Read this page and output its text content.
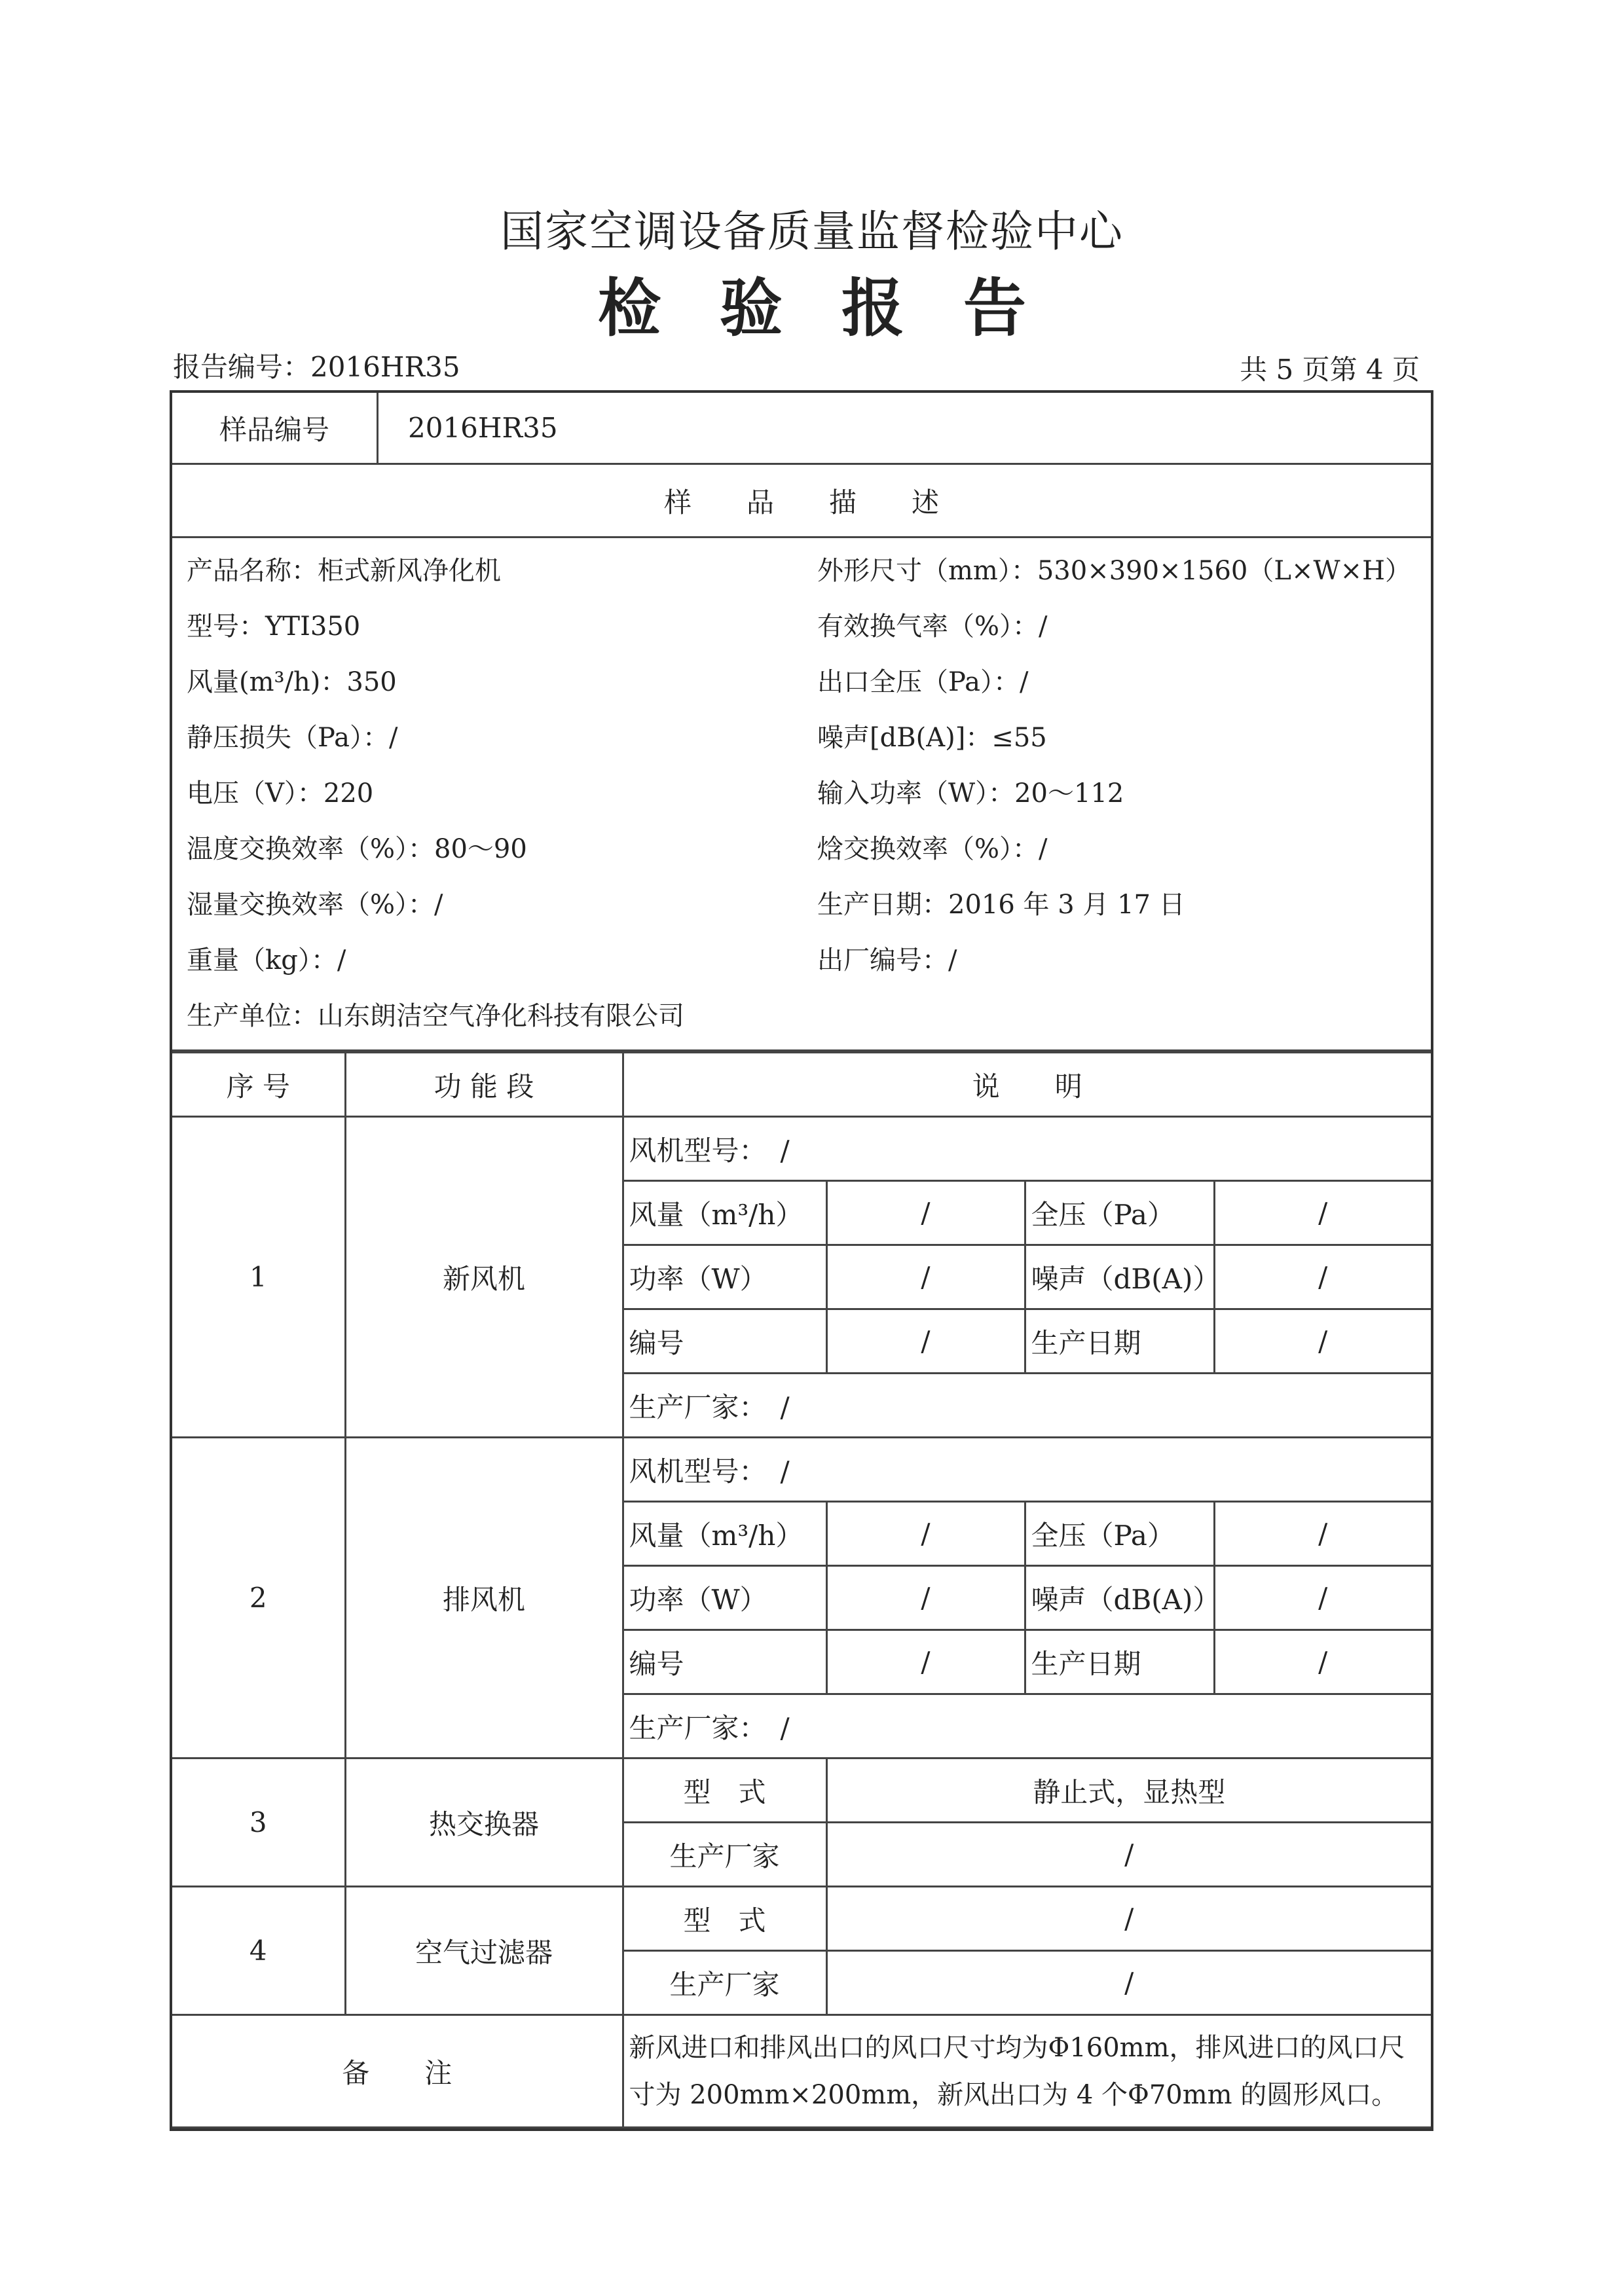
国家空调设备质量监督检验中心
检验报告
报告编号：2016HR35	共 5 页第 4 页
样品编号	2016HR35
样　　品　　描　　述
产品名称：柜式新风净化机	外形尺寸（mm）：530×390×1560（L×W×H）
型号：YTI350	有效换气率（%）：/
风量(m³/h)：350	出口全压（Pa）：/
静压损失（Pa）：/	噪声[dB(A)]：≤55
电压（V）：220	输入功率（W）：20～112
温度交换效率（%）：80～90	焓交换效率（%）：/
湿量交换效率（%）：/	生产日期：2016 年 3 月 17 日
重量（kg）：/	出厂编号：/
生产单位：山东朗洁空气净化科技有限公司
序 号	功 能 段	说　　明			
1	新风机	风机型号：　/			
		风量（m³/h）	/	全压（Pa）	/
		功率（W）	/	噪声（dB(A)）	/
		编号	/	生产日期	/
		生产厂家：　/			
2	排风机	风机型号：　/			
		风量（m³/h）	/	全压（Pa）	/
		功率（W）	/	噪声（dB(A)）	/
		编号	/	生产日期	/
		生产厂家：　/			
3	热交换器	型　式	静止式，显热型		
		生产厂家	/		
4	空气过滤器	型　式	/		
		生产厂家	/		
备　　注		新风进口和排风出口的风口尺寸均为Φ160mm，排风进口的风口尺寸为 200mm×200mm，新风出口为 4 个Φ70mm 的圆形风口。			
